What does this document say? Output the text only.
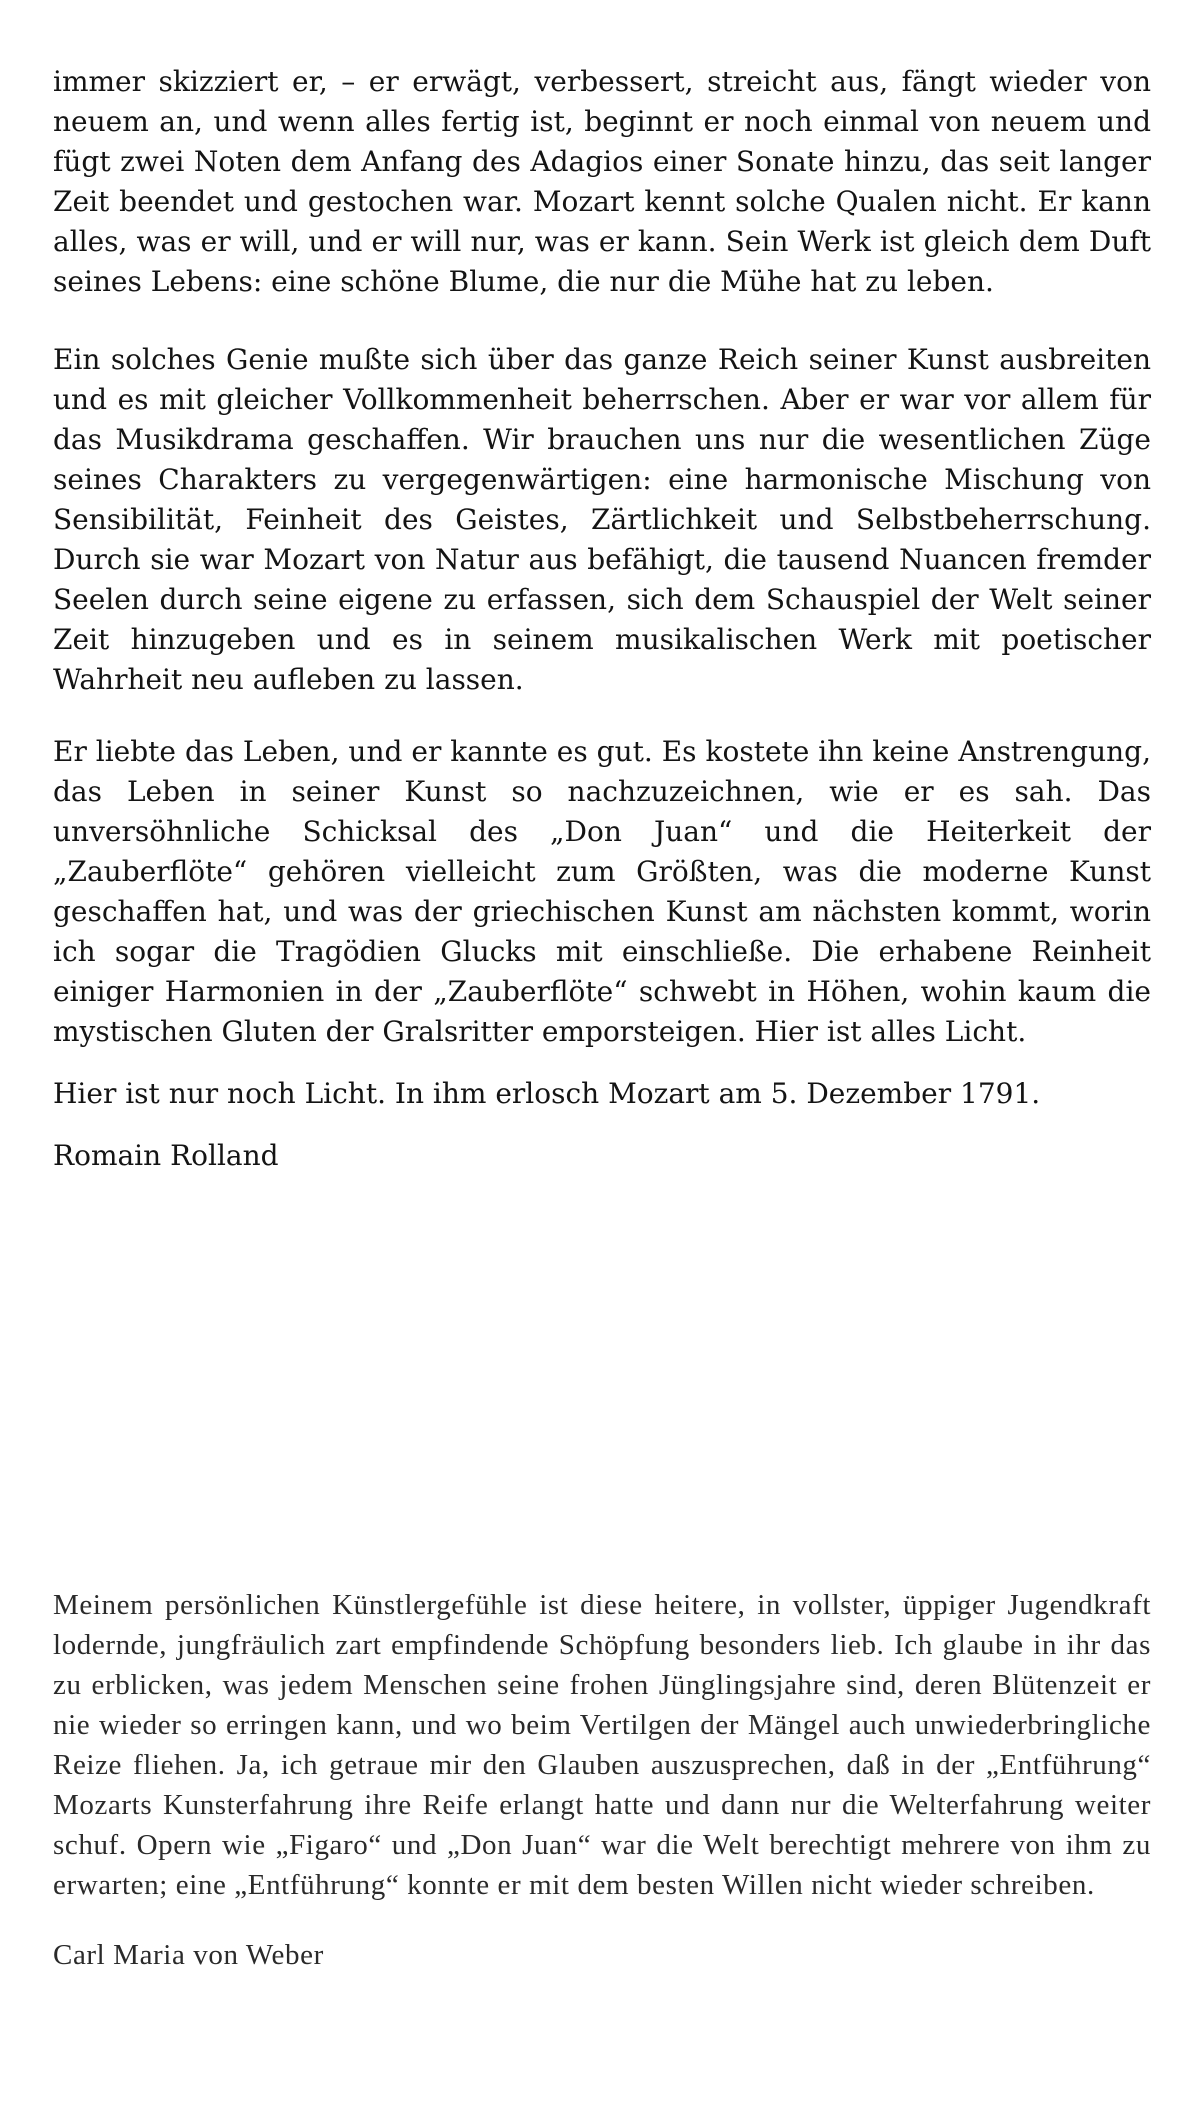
immer skizziert er, – er erwägt, verbessert, streicht aus, fängt wieder von neuem an, und wenn alles fertig ist, beginnt er noch einmal von neuem und fügt zwei Noten dem Anfang des Adagios einer Sonate hinzu, das seit langer Zeit beendet und gestochen war. Mozart kennt solche Qualen nicht. Er kann alles, was er will, und er will nur, was er kann. Sein Werk ist gleich dem Duft seines Lebens: eine schöne Blume, die nur die Mühe hat zu leben.

Ein solches Genie mußte sich über das ganze Reich seiner Kunst ausbreiten und es mit gleicher Vollkommenheit beherrschen. Aber er war vor allem für das Musikdrama geschaffen. Wir brauchen uns nur die wesentlichen Züge seines Charakters zu vergegenwärtigen: eine harmonische Mischung von Sensibilität, Feinheit des Geistes, Zärtlichkeit und Selbstbeherrschung. Durch sie war Mozart von Natur aus befähigt, die tausend Nuancen fremder Seelen durch seine eigene zu erfassen, sich dem Schauspiel der Welt seiner Zeit hinzugeben und es in seinem musikalischen Werk mit poetischer Wahrheit neu aufleben zu lassen.

Er liebte das Leben, und er kannte es gut. Es kostete ihn keine Anstrengung, das Leben in seiner Kunst so nachzuzeichnen, wie er es sah. Das unversöhnliche Schicksal des „Don Juan“ und die Heiterkeit der „Zauberflöte“ gehören vielleicht zum Größten, was die moderne Kunst geschaffen hat, und was der griechischen Kunst am nächsten kommt, worin ich sogar die Tragödien Glucks mit einschließe. Die erhabene Reinheit einiger Harmonien in der „Zauberflöte“ schwebt in Höhen, wohin kaum die mystischen Gluten der Gralsritter emporsteigen. Hier ist alles Licht.

Hier ist nur noch Licht. In ihm erlosch Mozart am 5. Dezember 1791.

Romain Rolland

Meinem persönlichen Künstlergefühle ist diese heitere, in vollster, üppiger Jugendkraft lodernde, jungfräulich zart empfindende Schöpfung besonders lieb. Ich glaube in ihr das zu erblicken, was jedem Menschen seine frohen Jünglingsjahre sind, deren Blütenzeit er nie wieder so erringen kann, und wo beim Vertilgen der Mängel auch unwiederbringliche Reize fliehen. Ja, ich getraue mir den Glauben auszusprechen, daß in der „Entführung“ Mozarts Kunsterfahrung ihre Reife erlangt hatte und dann nur die Welterfahrung weiter schuf. Opern wie „Figaro“ und „Don Juan“ war die Welt berechtigt mehrere von ihm zu erwarten; eine „Entführung“ konnte er mit dem besten Willen nicht wieder schreiben.

Carl Maria von Weber
